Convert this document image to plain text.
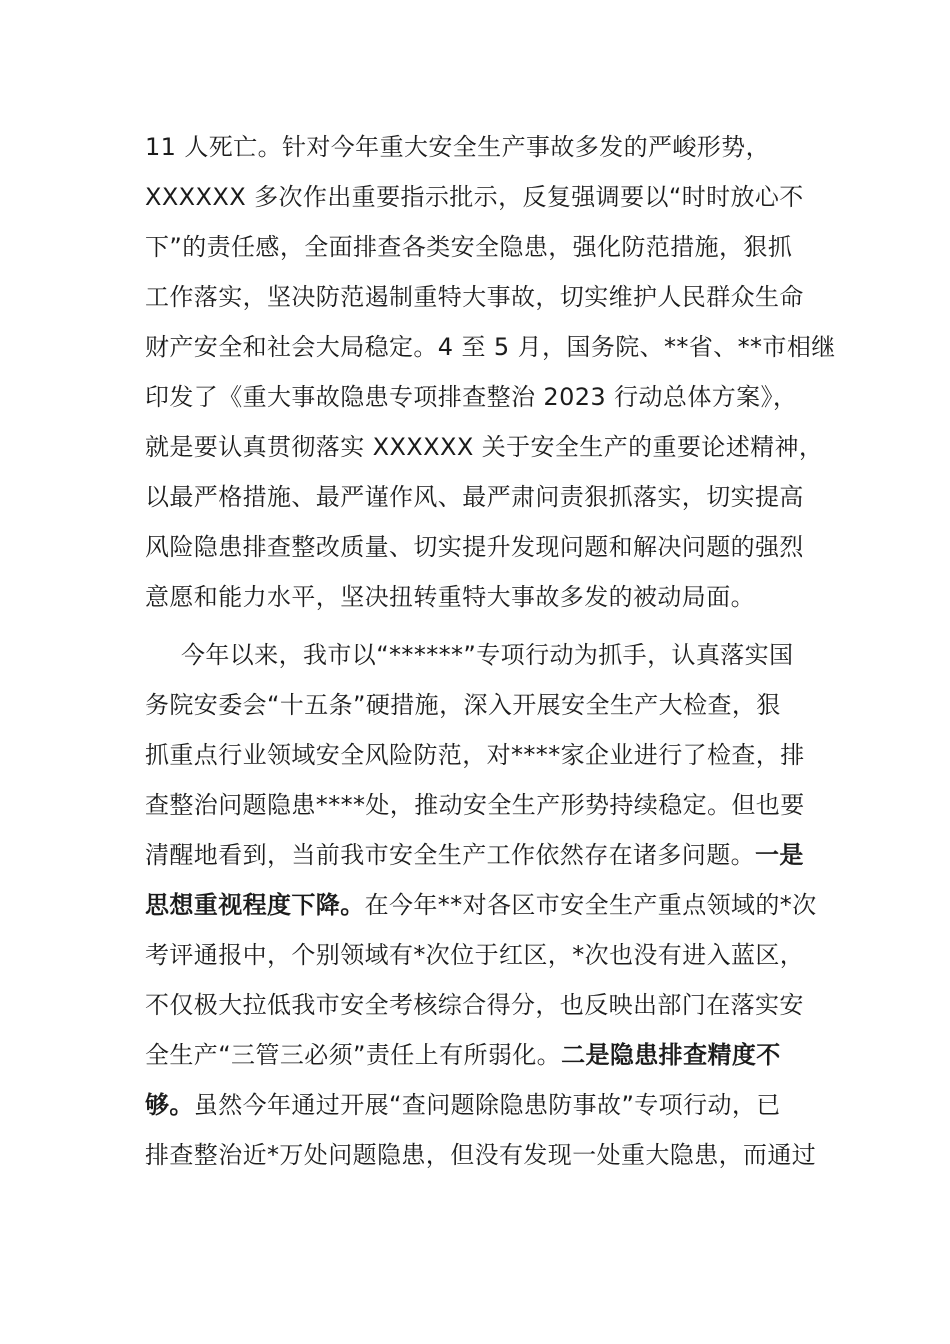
11 人死亡。针对今年重大安全生产事故多发的严峻形势，
XXXXXX 多次作出重要指示批示，反复强调要以“时时放心不
下”的责任感，全面排查各类安全隐患，强化防范措施，狠抓
工作落实，坚决防范遏制重特大事故，切实维护人民群众生命
财产安全和社会大局稳定。4 至 5 月，国务院、**省、**市相继
印发了《重大事故隐患专项排查整治 2023 行动总体方案》，
就是要认真贯彻落实 XXXXXX 关于安全生产的重要论述精神，
以最严格措施、最严谨作风、最严肃问责狠抓落实，切实提高
风险隐患排查整改质量、切实提升发现问题和解决问题的强烈
意愿和能力水平，坚决扭转重特大事故多发的被动局面。
今年以来，我市以“******”专项行动为抓手，认真落实国
务院安委会“十五条”硬措施，深入开展安全生产大检查，狠
抓重点行业领域安全风险防范，对****家企业进行了检查，排
查整治问题隐患****处，推动安全生产形势持续稳定。但也要
清醒地看到，当前我市安全生产工作依然存在诸多问题。一是
思想重视程度下降。在今年**对各区市安全生产重点领域的*次
考评通报中，个别领域有*次位于红区，*次也没有进入蓝区，
不仅极大拉低我市安全考核综合得分，也反映出部门在落实安
全生产“三管三必须”责任上有所弱化。二是隐患排查精度不
够。虽然今年通过开展“查问题除隐患防事故”专项行动，已
排查整治近*万处问题隐患，但没有发现一处重大隐患，而通过
